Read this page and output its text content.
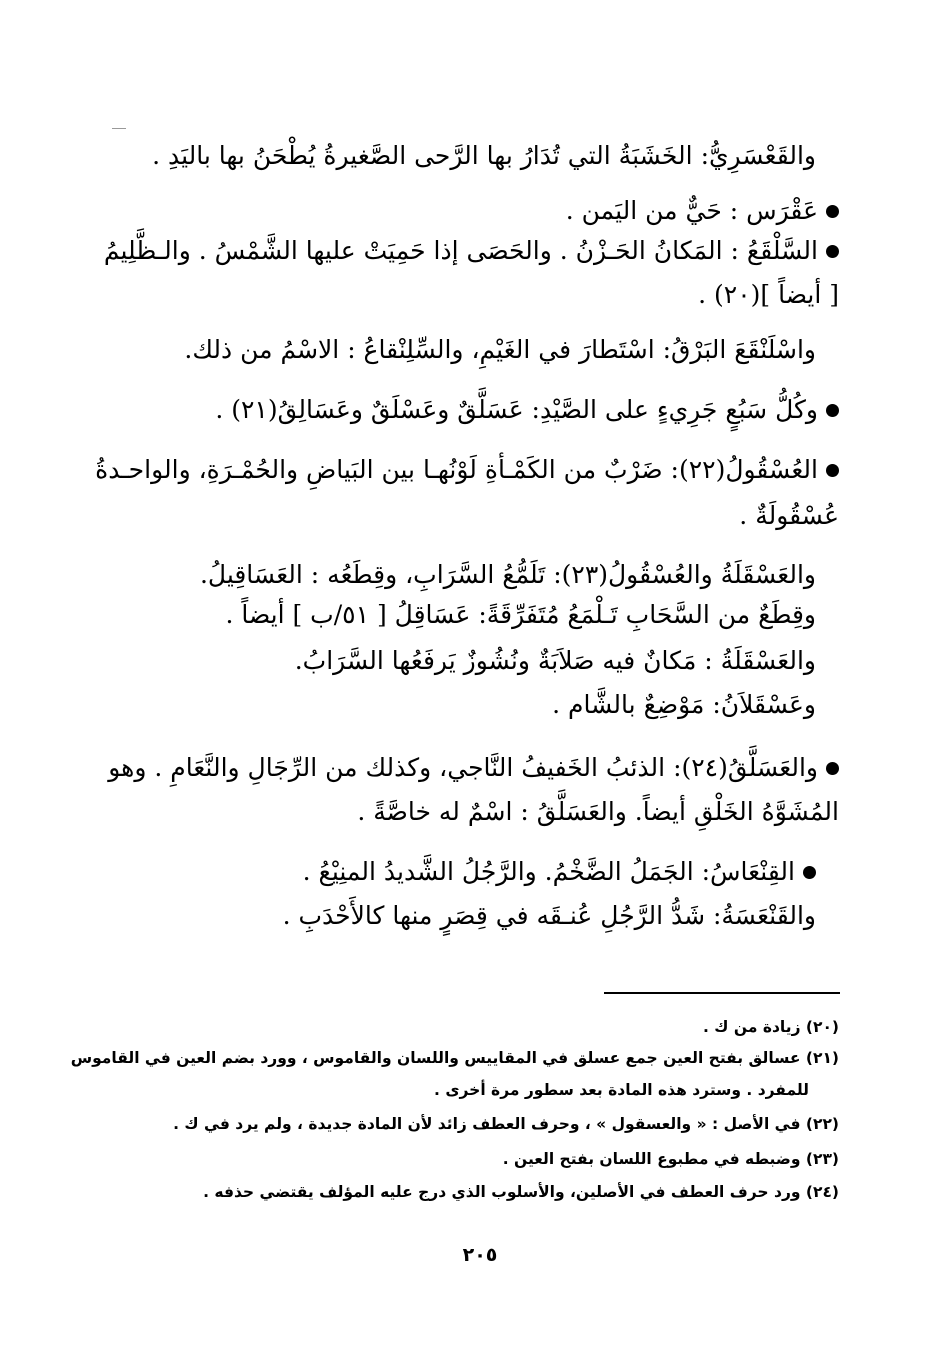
والقَعْسَرِيُّ: الخَشَبَةُ التي تُدَارُ بها الرَّحى الصَّغيرةُ يُطْحَنُ بها باليَدِ .
عَقْرَس : حَيٌّ من اليَمن .
السَّلْقَعُ : المَكانُ الحَـزْنُ . والحَصَى إذا حَمِيَتْ عليها الشَّمْسُ . والـظَّلِيمُ
[ أيضاً ](٢٠) .
واسْلَنْقَعَ البَرْقُ: اسْتَطارَ في الغَيْمِ، والسِّلِنْقاعُ : الاسْمُ من ذلك.
وكُلُّ سَبُعٍ جَرِيءٍ على الصَّيْدِ: عَسَلَّقٌ وعَسْلَقٌ وعَسَالِقُ(٢١) .
العُسْقُولُ(٢٢): ضَرْبٌ من الكَمْـأةِ لَوْنُهـا بين البَياضِ والحُمْـرَةِ، والواحـدةُ
عُسْقُولَةٌ .
والعَسْقَلَةُ والعُسْقُولُ(٢٣): تَلَمُّعُ السَّرَابِ، وقِطَعُه : العَسَاقِيلُ.
وقِطَعٌ من السَّحَابِ تَـلْمَعُ مُتَفَرِّقَةً: عَسَاقِلُ [ ٥١/ب ] أيضاً .
والعَسْقَلَةُ : مَكانٌ فيه صَلاَبَةٌ ونُشُوزٌ يَرفَعُها السَّرَابُ.
وعَسْقَلاَنُ: مَوْضِعٌ بالشَّام .
والعَسَلَّقُ(٢٤): الذئبُ الخَفيفُ النَّاجي، وكذلك من الرِّجَالِ والنَّعَامِ . وهو
المُشَوَّهُ الخَلْقِ أيضاً. والعَسَلَّقُ : اسْمٌ له خاصَّةً .
القِنْعَاسُ: الجَمَلُ الضَّخْمُ. والرَّجُلُ الشَّديدُ المنِيْعُ .
والقَنْعَسَةُ: شَدُّ الرَّجُلِ عُنـقَه في قِصَرٍ منها كالأَحْدَبِ .
(٢٠) زيادة من ك .
(٢١) عسالق بفتح العين جمع عسلق في المقاييس واللسان والقاموس ، وورد بضم العين في القاموس
للمفرد . وسترد هذه المادة بعد سطور مرة أخرى .
(٢٢) في الأصل : « والعسقول » ، وحرف العطف زائد لأن المادة جديدة ، ولم يرد في ك .
(٢٣) وضبطه في مطبوع اللسان بفتح العين .
(٢٤) ورد حرف العطف في الأصلين، والأسلوب الذي درج عليه المؤلف يقتضي حذفه .
٢٠٥
